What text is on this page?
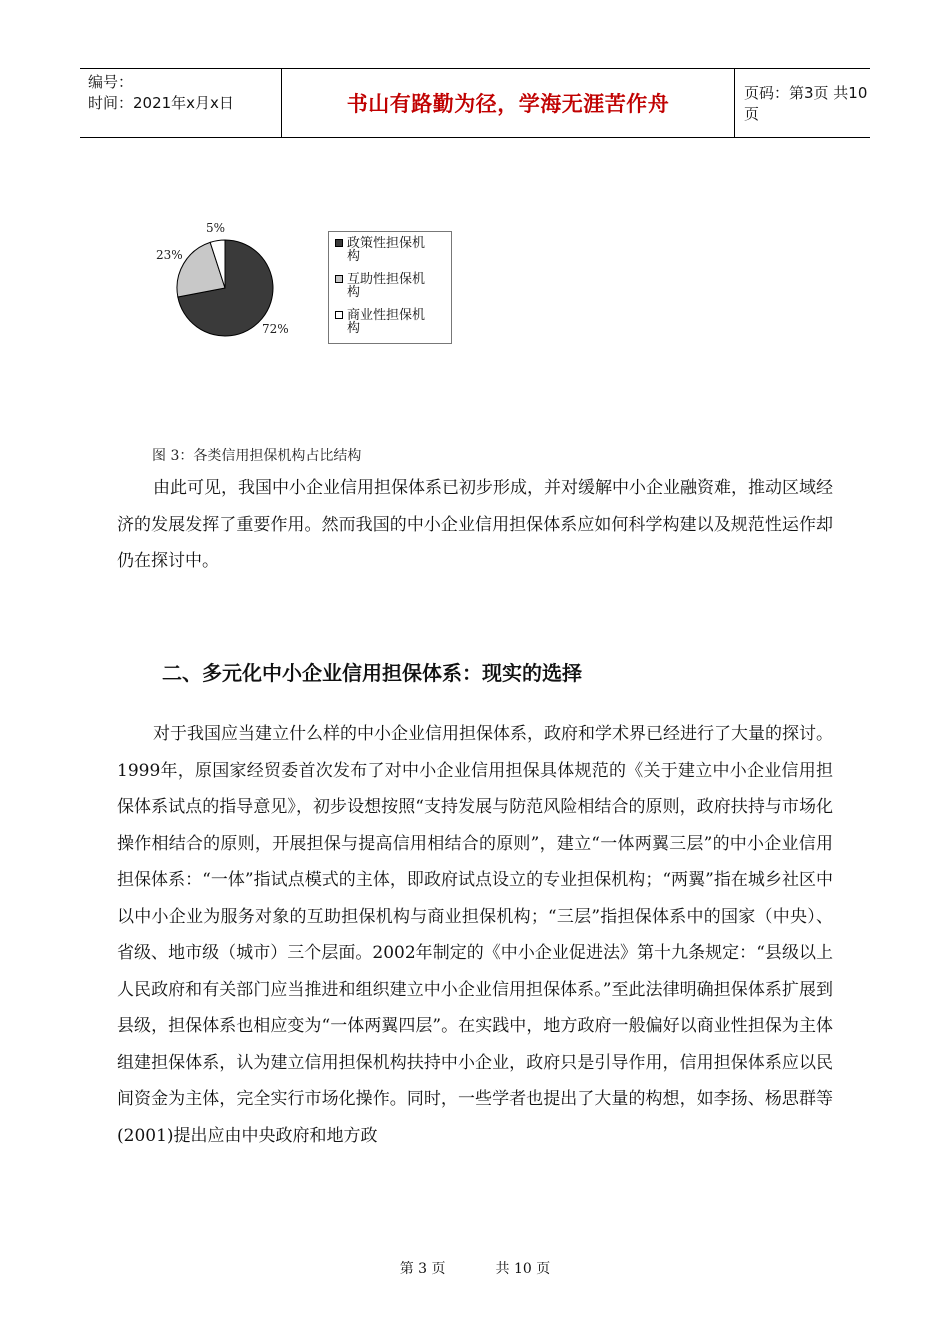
编号：
时间：2021年x月x日	书山有路勤为径，学海无涯苦作舟	页码：第3页 共10页
5%
23%
72%
政策性担保机
构
互助性担保机
构
商业性担保机
构
图 3：各类信用担保机构占比结构

由此可见，我国中小企业信用担保体系已初步形成，并对缓解中小企业融资难，推动区域经济的发展发挥了重要作用。然而我国的中小企业信用担保体系应如何科学构建以及规范性运作却仍在探讨中。

二、多元化中小企业信用担保体系：现实的选择

对于我国应当建立什么样的中小企业信用担保体系，政府和学术界已经进行了大量的探讨。1999年，原国家经贸委首次发布了对中小企业信用担保具体规范的《关于建立中小企业信用担保体系试点的指导意见》，初步设想按照“支持发展与防范风险相结合的原则，政府扶持与市场化操作相结合的原则，开展担保与提高信用相结合的原则”，建立“一体两翼三层”的中小企业信用担保体系：“一体”指试点模式的主体，即政府试点设立的专业担保机构；“两翼”指在城乡社区中以中小企业为服务对象的互助担保机构与商业担保机构；“三层”指担保体系中的国家（中央）、省级、地市级（城市）三个层面。2002年制定的《中小企业促进法》第十九条规定：“县级以上人民政府和有关部门应当推进和组织建立中小企业信用担保体系。”至此法律明确担保体系扩展到县级，担保体系也相应变为“一体两翼四层”。在实践中，地方政府一般偏好以商业性担保为主体组建担保体系，认为建立信用担保机构扶持中小企业，政府只是引导作用，信用担保体系应以民间资金为主体，完全实行市场化操作。同时，一些学者也提出了大量的构想，如李扬、杨思群等(2001)提出应由中央政府和地方政

第 3 页	共 10 页
